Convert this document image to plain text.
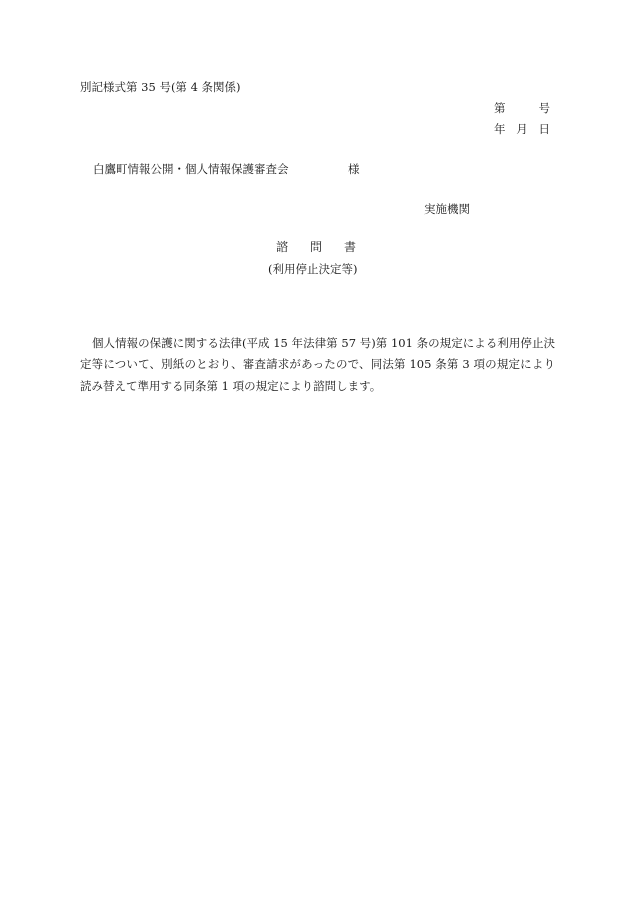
別記様式第 35 号(第 4 条関係)
第	号
年 月 日
白鷹町情報公開・個人情報保護審査会	様
実施機関
諮 問 書
(利用停止決定等)

個人情報の保護に関する法律(平成 15 年法律第 57 号)第 101 条の規定による利用停止決定等について、別紙のとおり、審査請求があったので、同法第 105 条第 3 項の規定により読み替えて準用する同条第 1 項の規定により諮問します。
